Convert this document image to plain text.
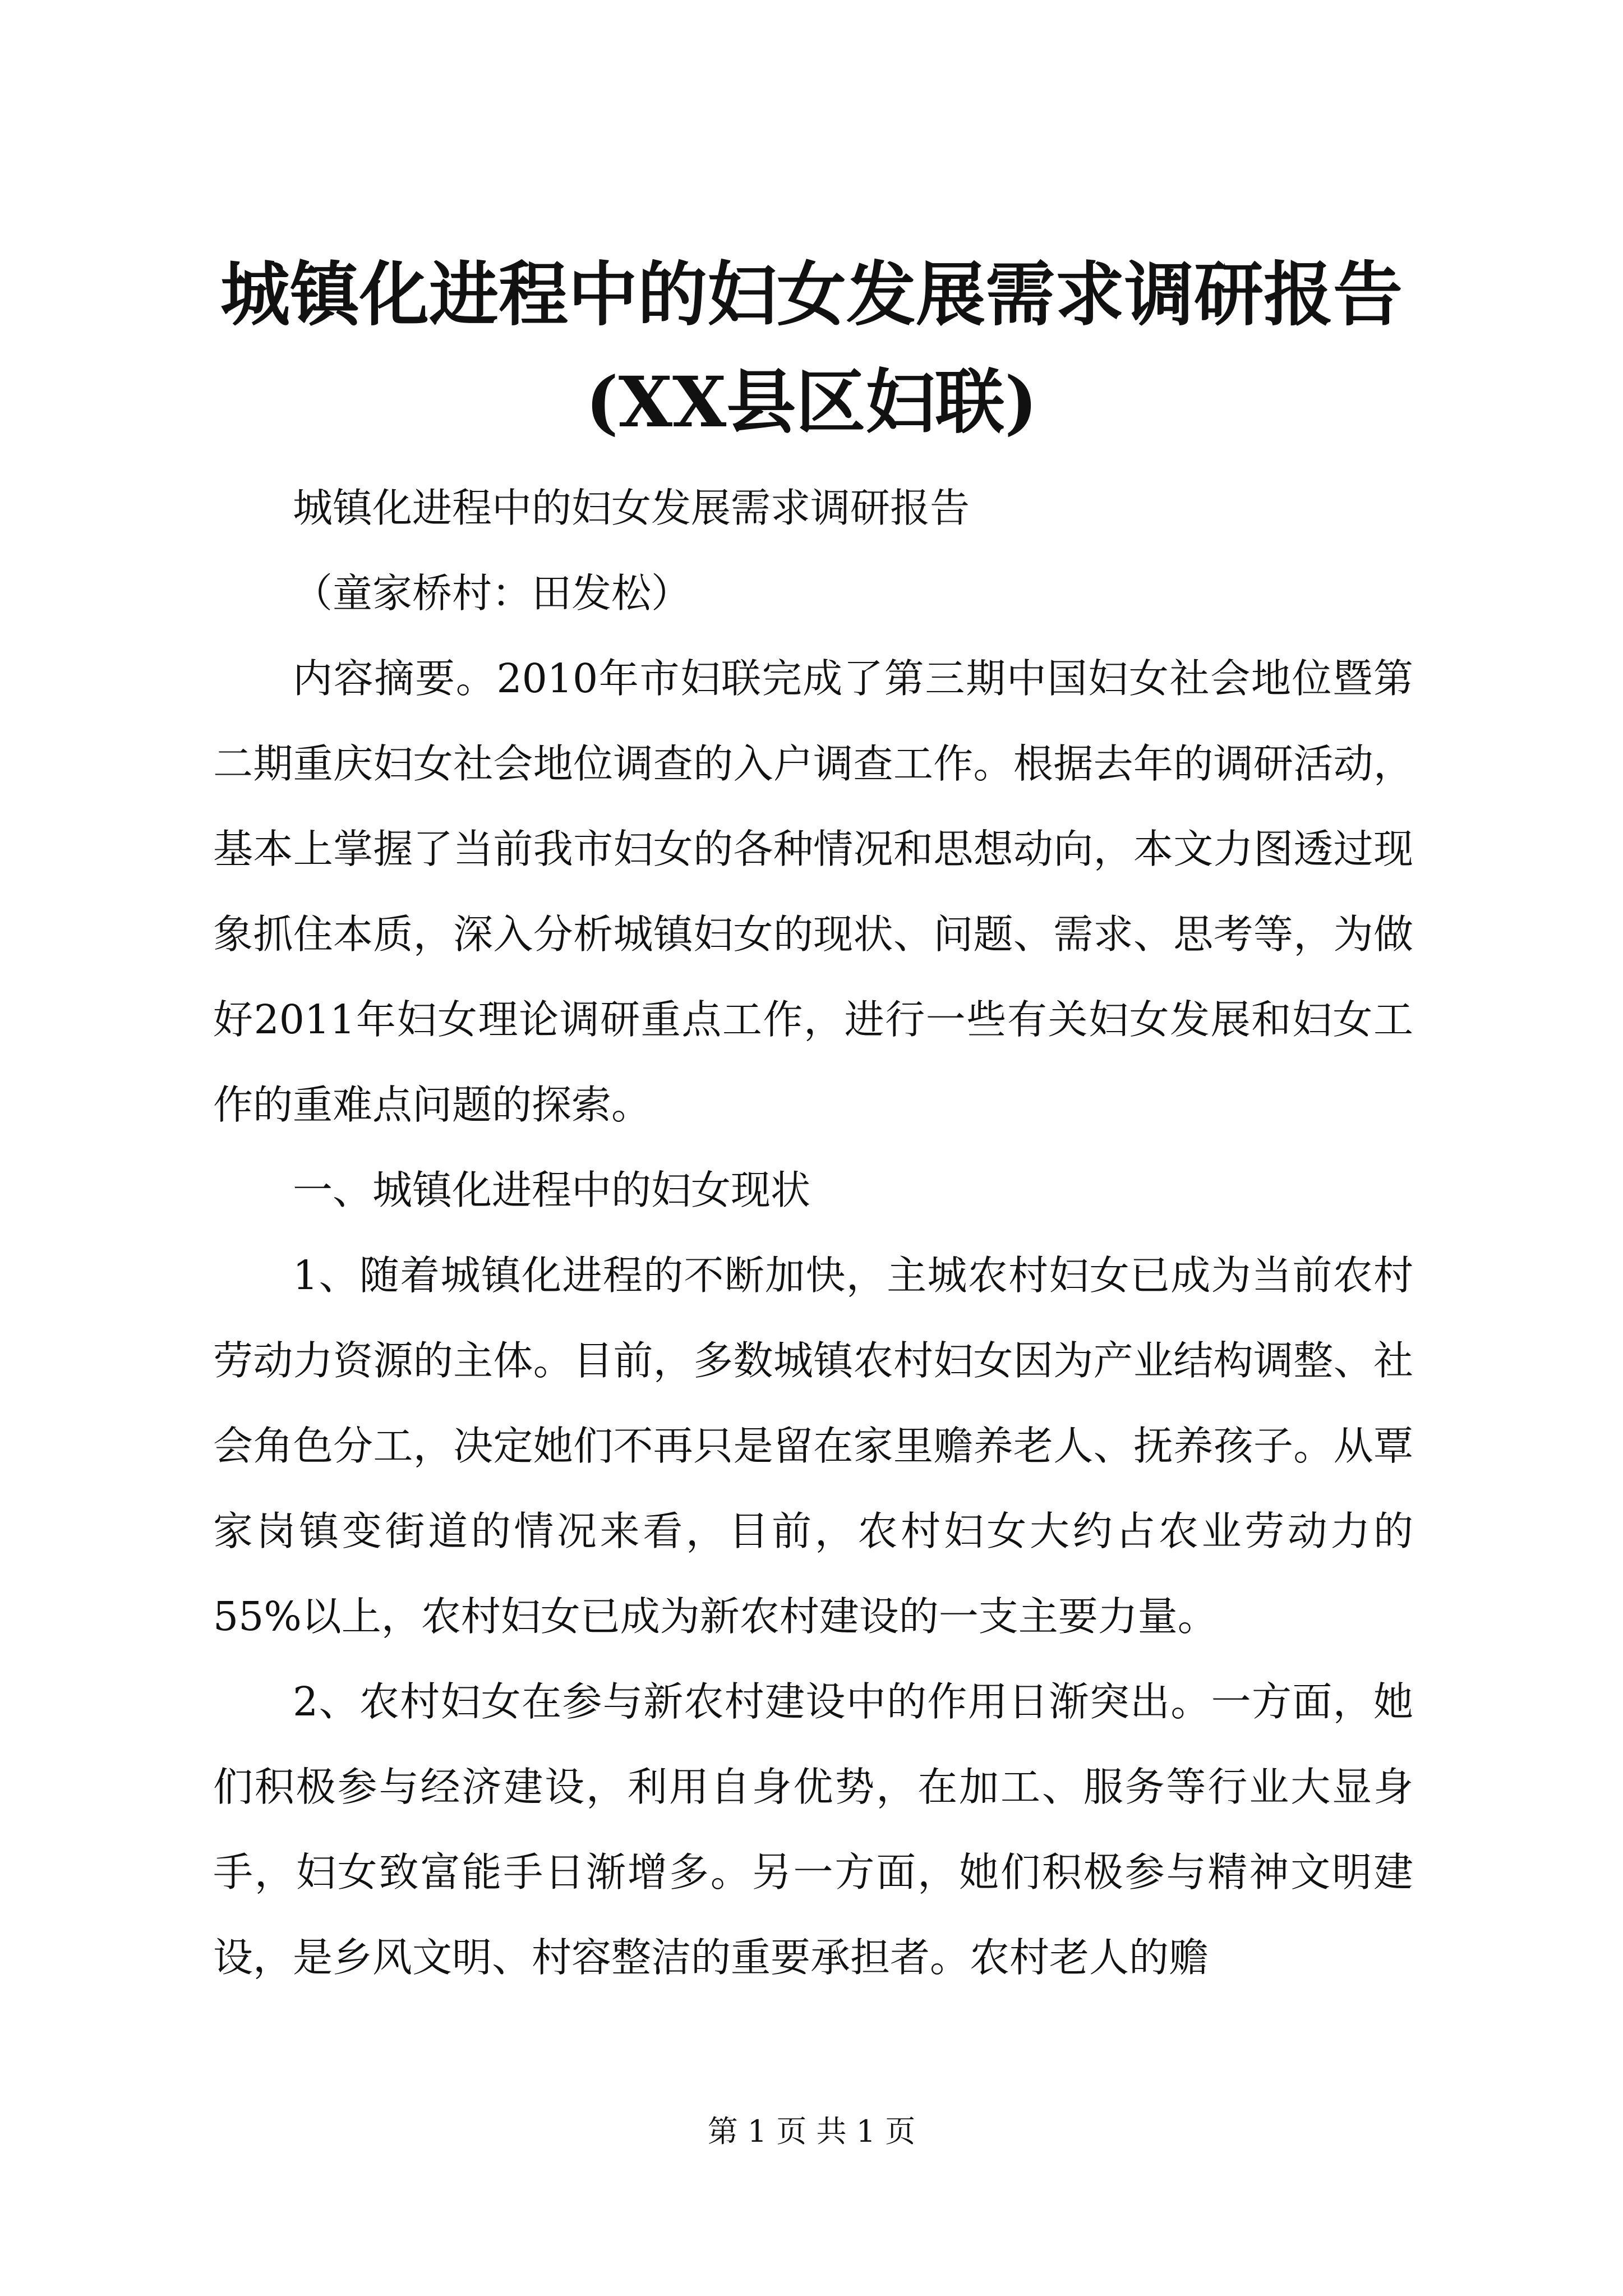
城镇化进程中的妇女发展需求调研报告(XX县区妇联)

城镇化进程中的妇女发展需求调研报告

（童家桥村：田发松）

内容摘要。2010年市妇联完成了第三期中国妇女社会地位暨第二期重庆妇女社会地位调查的入户调查工作。根据去年的调研活动，基本上掌握了当前我市妇女的各种情况和思想动向，本文力图透过现象抓住本质，深入分析城镇妇女的现状、问题、需求、思考等，为做好2011年妇女理论调研重点工作，进行一些有关妇女发展和妇女工作的重难点问题的探索。

一、城镇化进程中的妇女现状

1、随着城镇化进程的不断加快，主城农村妇女已成为当前农村劳动力资源的主体。目前，多数城镇农村妇女因为产业结构调整、社会角色分工，决定她们不再只是留在家里赡养老人、抚养孩子。从覃家岗镇变街道的情况来看，目前，农村妇女大约占农业劳动力的55%以上，农村妇女已成为新农村建设的一支主要力量。

2、农村妇女在参与新农村建设中的作用日渐突出。一方面，她们积极参与经济建设，利用自身优势，在加工、服务等行业大显身手，妇女致富能手日渐增多。另一方面，她们积极参与精神文明建设，是乡风文明、村容整洁的重要承担者。农村老人的赡

第 1 页 共 1 页
